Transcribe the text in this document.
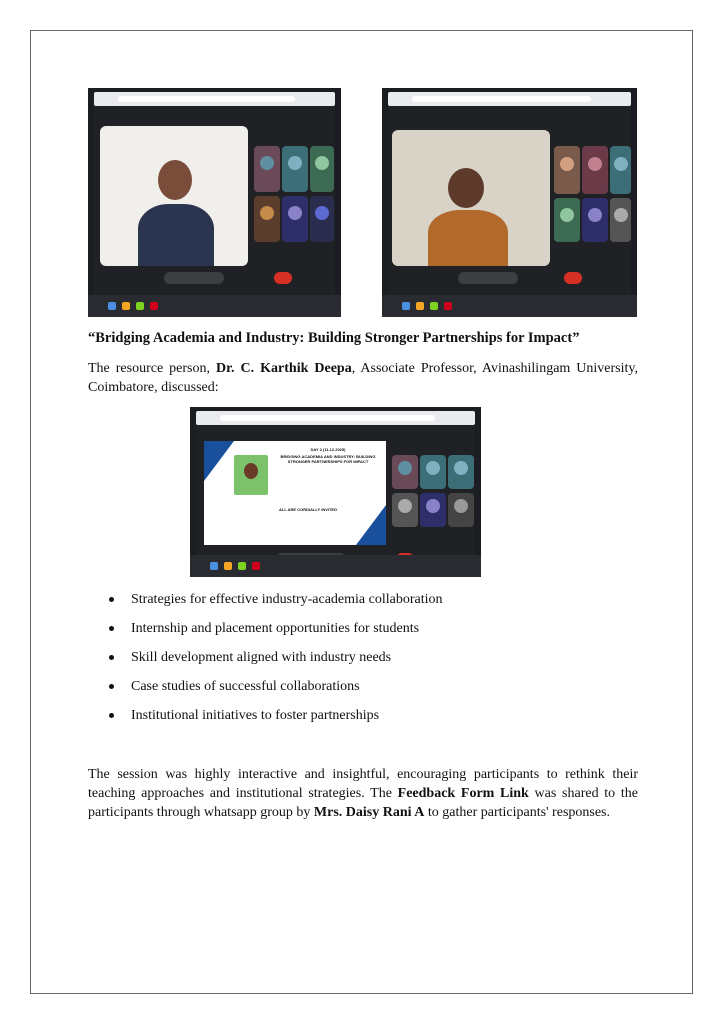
“Bridging Academia and Industry: Building Stronger Partnerships for Impact”

The resource person, Dr. C. Karthik Deepa, Associate Professor, Avinashilingam University, Coimbatore, discussed:

DAY 2 (11.12.2025)
BRIDGING ACADEMIA AND INDUSTRY: BUILDING STRONGER PARTNERSHIPS FOR IMPACT
ALL ARE CORDIALLY INVITED
Strategies for effective industry-academia collaboration
Internship and placement opportunities for students
Skill development aligned with industry needs
Case studies of successful collaborations
Institutional initiatives to foster partnerships

The session was highly interactive and insightful, encouraging participants to rethink their teaching approaches and institutional strategies. The Feedback Form Link was shared to the participants through whatsapp group by Mrs. Daisy Rani A to gather participants' responses.
